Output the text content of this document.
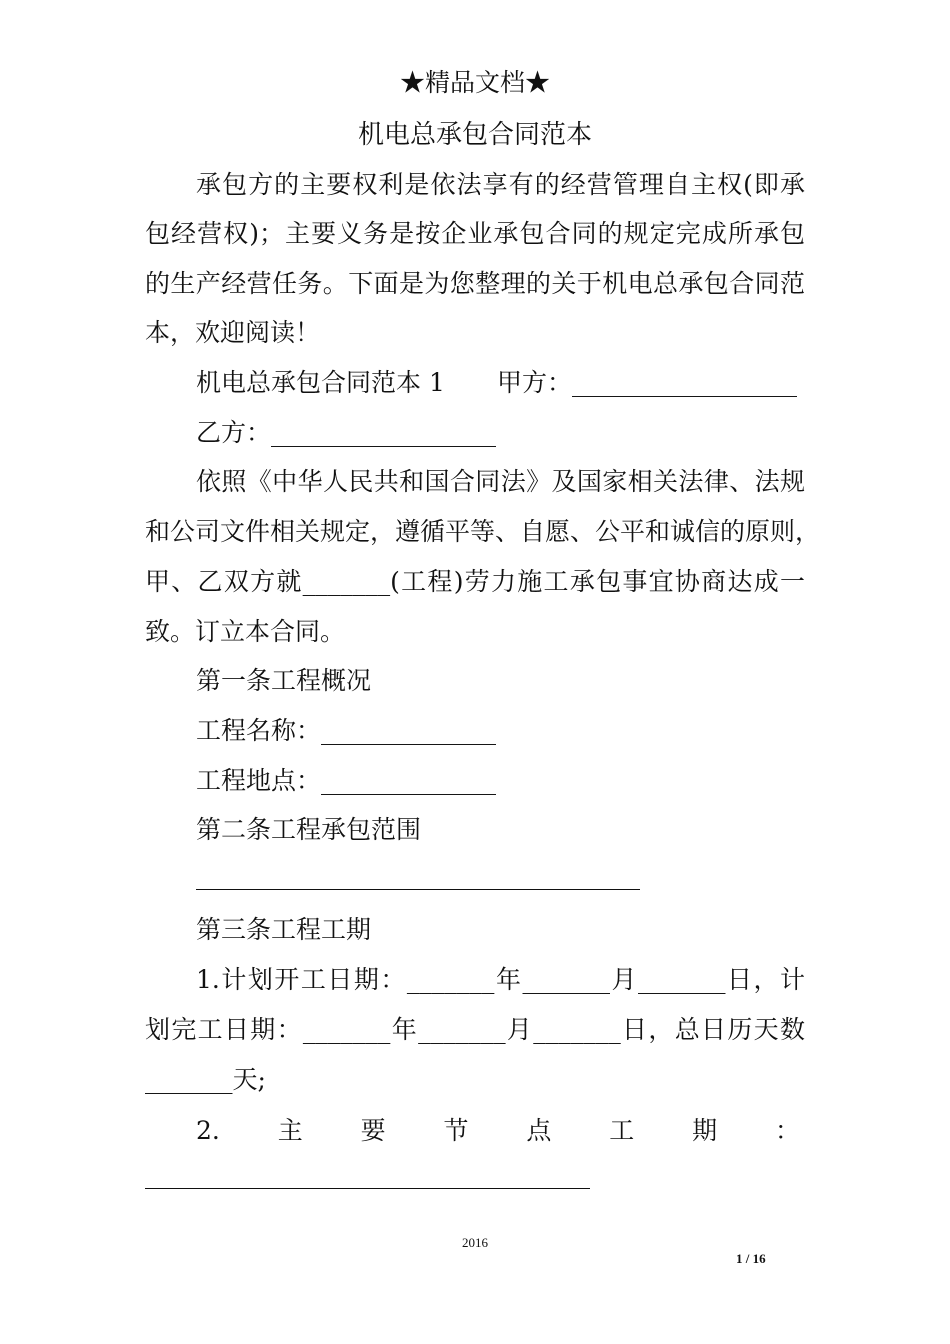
★精品文档★
机电总承包合同范本
承包方的主要权利是依法享有的经营管理自主权(即承
包经营权)；主要义务是按企业承包合同的规定完成所承包
的生产经营任务。下面是为您整理的关于机电总承包合同范
本，欢迎阅读！
机电总承包合同范本 1 甲方：__________________
乙方：__________________
依照《中华人民共和国合同法》及国家相关法律、法规
和公司文件相关规定，遵循平等、自愿、公平和诚信的原则，
甲、乙双方就_______(工程)劳力施工承包事宜协商达成一
致。订立本合同。
第一条工程概况
工程名称：______________
工程地点：______________
第二条工程承包范围
第三条工程工期
1.计划开工日期：_______年_______月_______日，计
划完工日期：_______年_______月_______日，总日历天数
_______天;
2. 主 要 节 点 工 期 ：
2016
1 / 16
